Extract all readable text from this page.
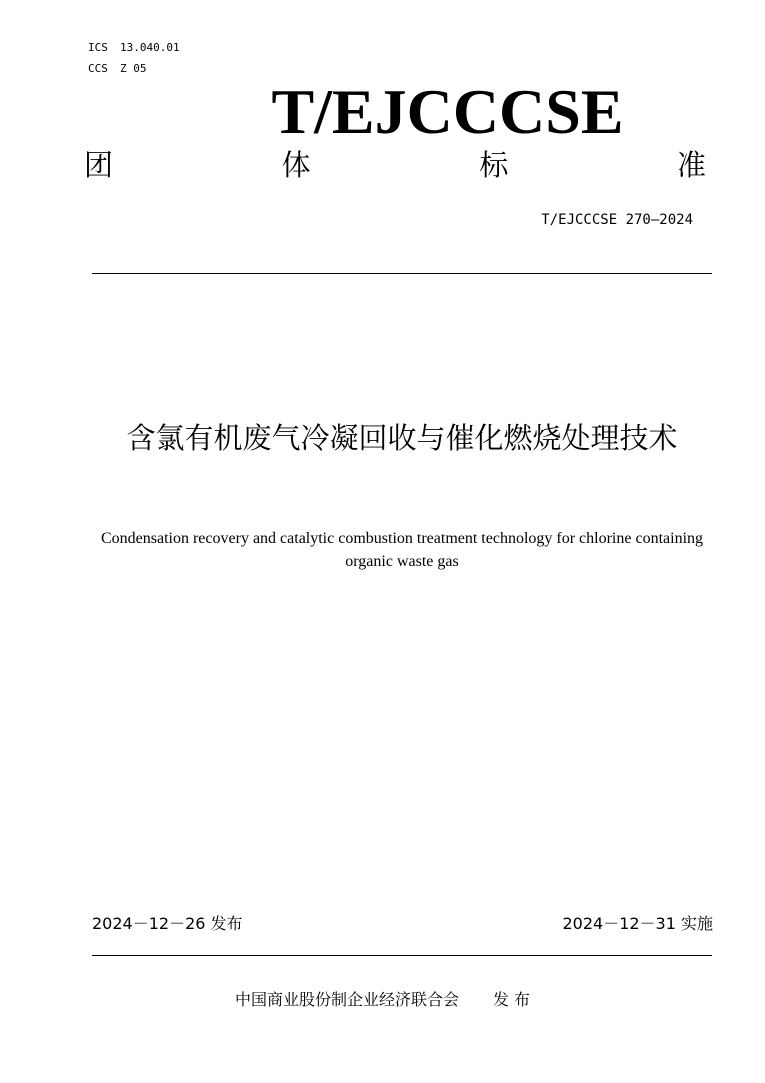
ICS 13.040.01
CCS Z 05
T/EJCCCSE
团	体	标	准
T/EJCCCSE 270—2024
含氯有机废气冷凝回收与催化燃烧处理技术
Condensation recovery and catalytic combustion treatment technology for chlorine containing organic waste gas
2024－12－26 发布	2024－12－31 实施
中国商业股份制企业经济联合会 发 布
